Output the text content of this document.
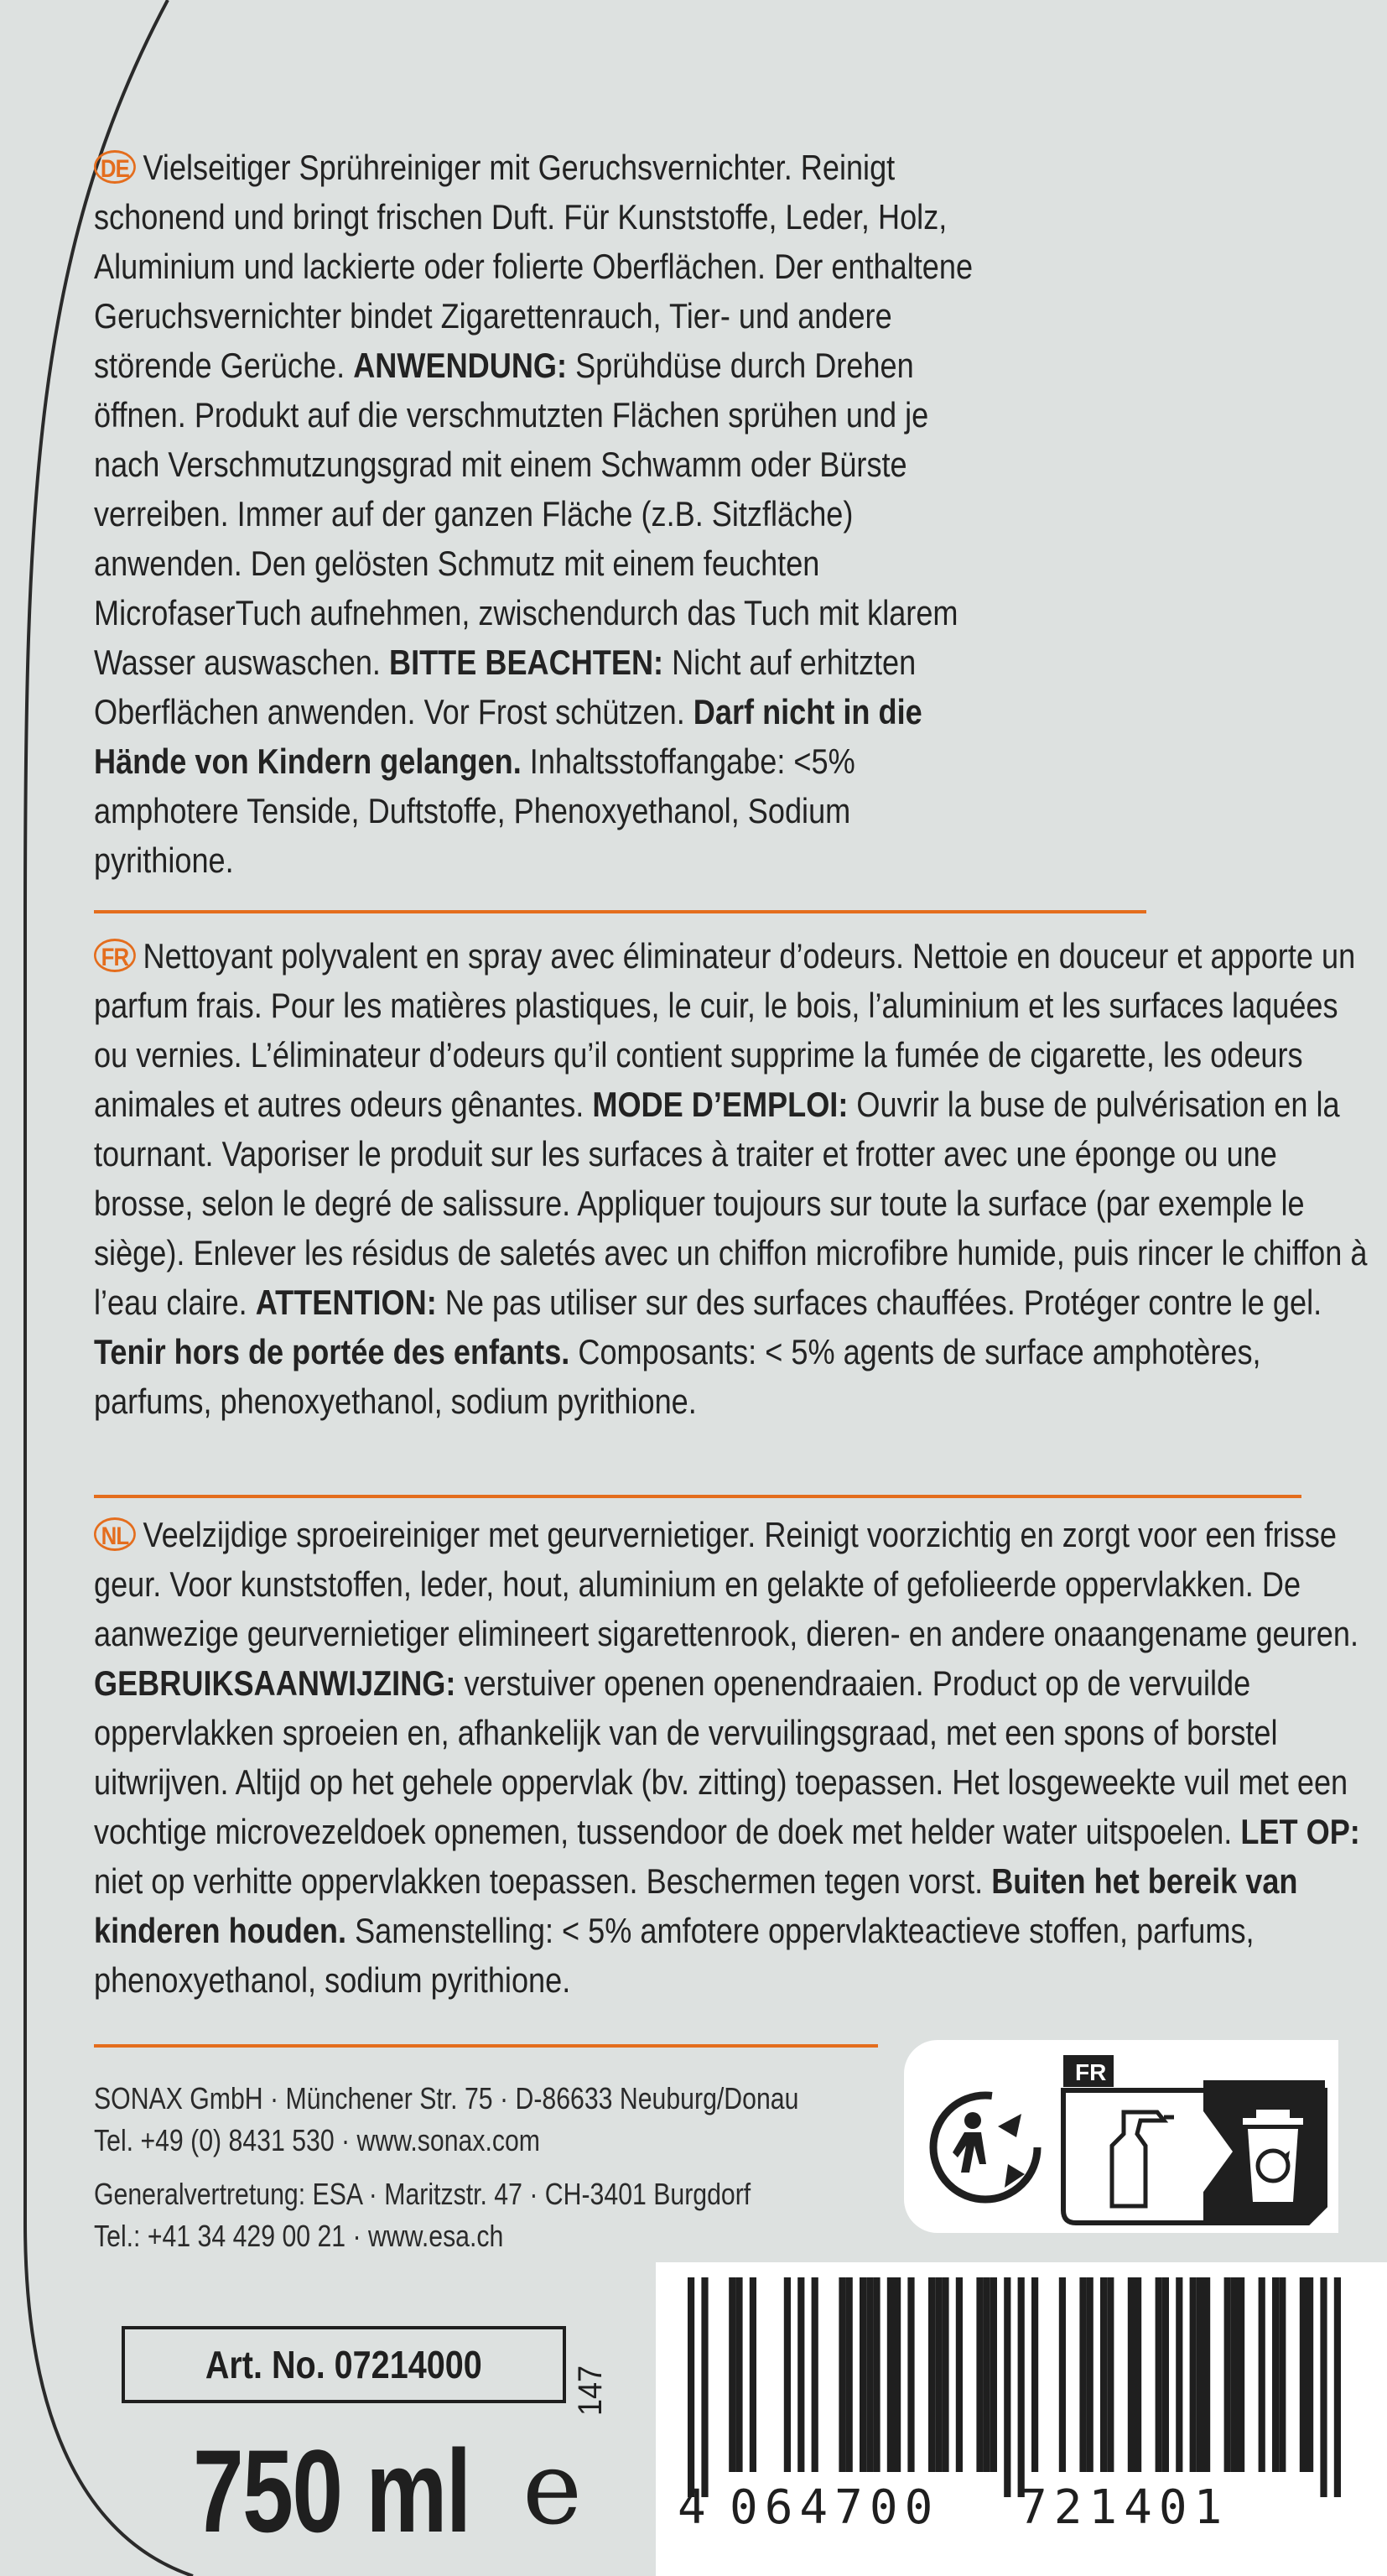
DE Vielseitiger Sprühreiniger mit Geruchsvernichter. Reinigt schonend und bringt frischen Duft. Für Kunststoffe, Leder, Holz, Aluminium und lackierte oder folierte Oberflächen. Der enthaltene Geruchsvernichter bindet Zigarettenrauch, Tier- und andere störende Gerüche. ANWENDUNG: Sprühdüse durch Drehen öffnen. Produkt auf die verschmutzten Flächen sprühen und je nach Verschmutzungsgrad mit einem Schwamm oder Bürste verreiben. Immer auf der ganzen Fläche (z.B. Sitzfläche) anwenden. Den gelösten Schmutz mit einem feuchten MicrofaserTuch aufnehmen, zwischendurch das Tuch mit klarem Wasser auswaschen. BITTE BEACHTEN: Nicht auf erhitzten Oberflächen anwenden. Vor Frost schützen. Darf nicht in die Hände von Kindern gelangen. Inhaltsstoffangabe: <5% amphotere Tenside, Duftstoffe, Phenoxyethanol, Sodium pyrithione.
FR Nettoyant polyvalent en spray avec éliminateur d’odeurs. Nettoie en douceur et apporte un parfum frais. Pour les matières plastiques, le cuir, le bois, l’aluminium et les surfaces laquées ou vernies. L’éliminateur d’odeurs qu’il contient supprime la fumée de cigarette, les odeurs animales et autres odeurs gênantes. MODE D’EMPLOI: Ouvrir la buse de pulvérisation en la tournant. Vaporiser le produit sur les surfaces à traiter et frotter avec une éponge ou une brosse, selon le degré de salissure. Appliquer toujours sur toute la surface (par exemple le siège). Enlever les résidus de saletés avec un chiffon microfibre humide, puis rincer le chiffon à l’eau claire. ATTENTION: Ne pas utiliser sur des surfaces chauffées. Protéger contre le gel. Tenir hors de portée des enfants. Composants: < 5% agents de surface amphotères, parfums, phenoxyethanol, sodium pyrithione.
NL Veelzijdige sproeireiniger met geurvernietiger. Reinigt voorzichtig en zorgt voor een frisse geur. Voor kunststoffen, leder, hout, aluminium en gelakte of gefolieerde oppervlakken. De aanwezige geurvernietiger elimineert sigarettenrook, dieren- en andere onaangename geuren. GEBRUIKSAANWIJZING: verstuiver openen openendraaien. Product op de vervuilde oppervlakken sproeien en, afhankelijk van de vervuilingsgraad, met een spons of borstel uitwrijven. Altijd op het gehele oppervlak (bv. zitting) toepassen. Het losgeweekte vuil met een vochtige microvezeldoek opnemen, tussendoor de doek met helder water uitspoelen. LET OP: niet op verhitte oppervlakken toepassen. Beschermen tegen vorst. Buiten het bereik van kinderen houden. Samenstelling: < 5% amfotere oppervlakteactieve stoffen, parfums, phenoxyethanol, sodium pyrithione.
SONAX GmbH · Münchener Str. 75 · D-86633 Neuburg/Donau
Tel. +49 (0) 8431 530 · www.sonax.com
Generalvertretung: ESA · Maritzstr. 47 · CH-3401 Burgdorf
Tel.: +41 34 429 00 21 · www.esa.ch
FR
Art. No. 07214000
147
750 ml e 4 064700 721401
